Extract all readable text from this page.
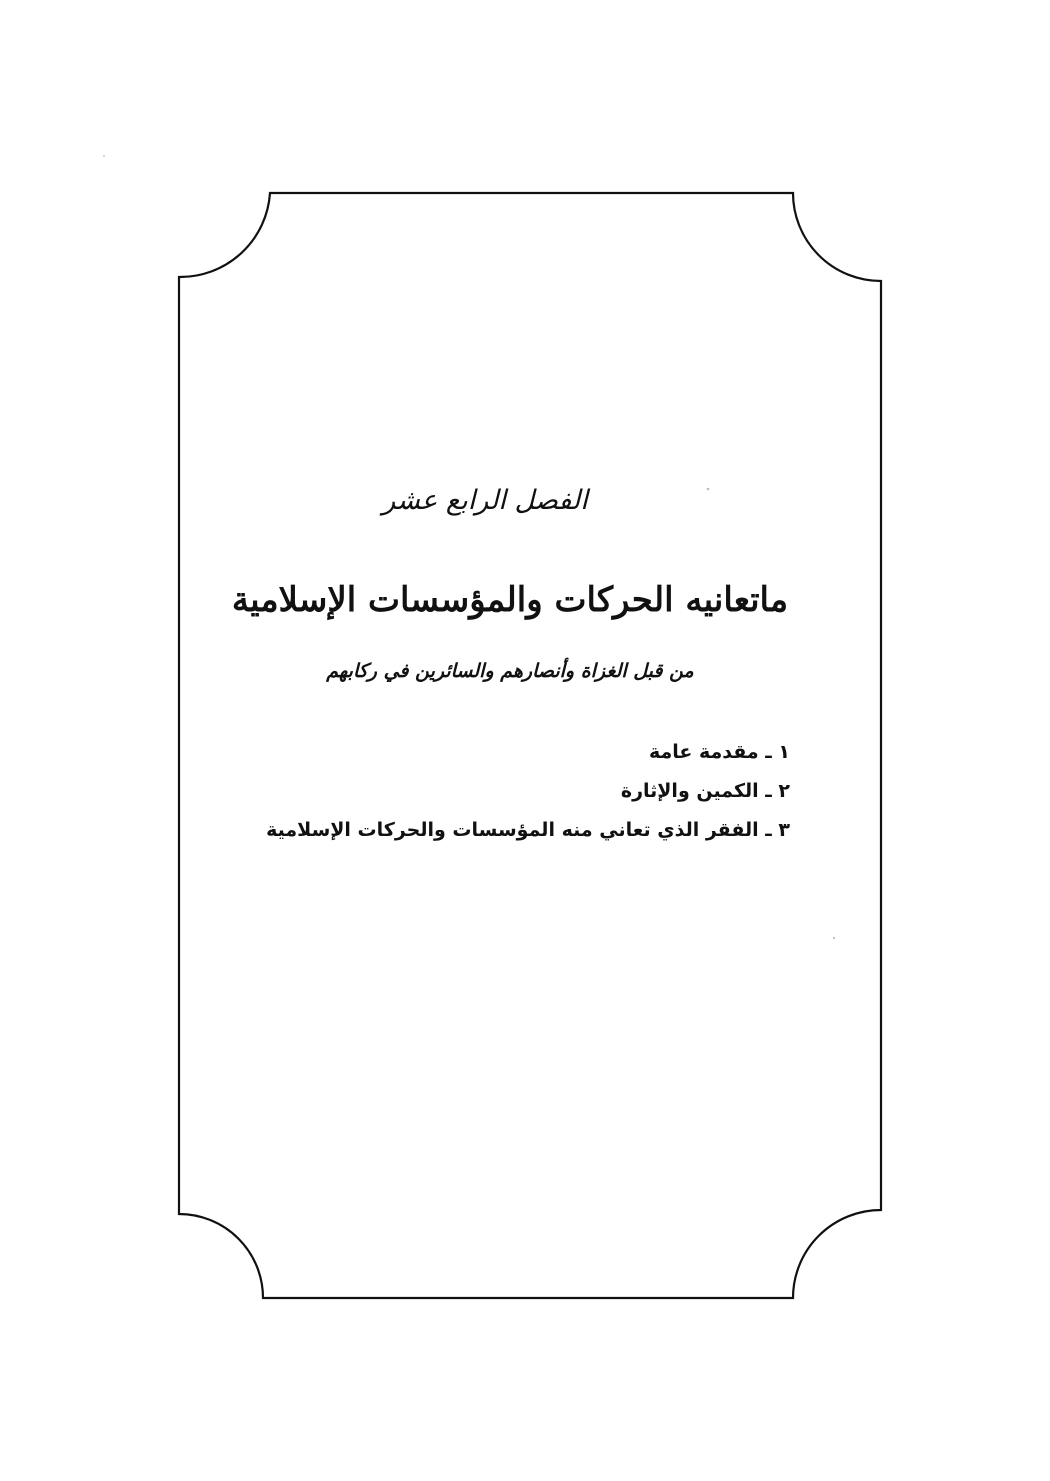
الفصل الرابع عشر
ماتعانيه الحركات والمؤسسات الإسلامية
من قبل الغزاة وأنصارهم والسائرين في ركابهم
١ ـ مقدمة عامة
٢ ـ الكمين والإثارة
٣ ـ الفقر الذي تعاني منه المؤسسات والحركات الإسلامية
